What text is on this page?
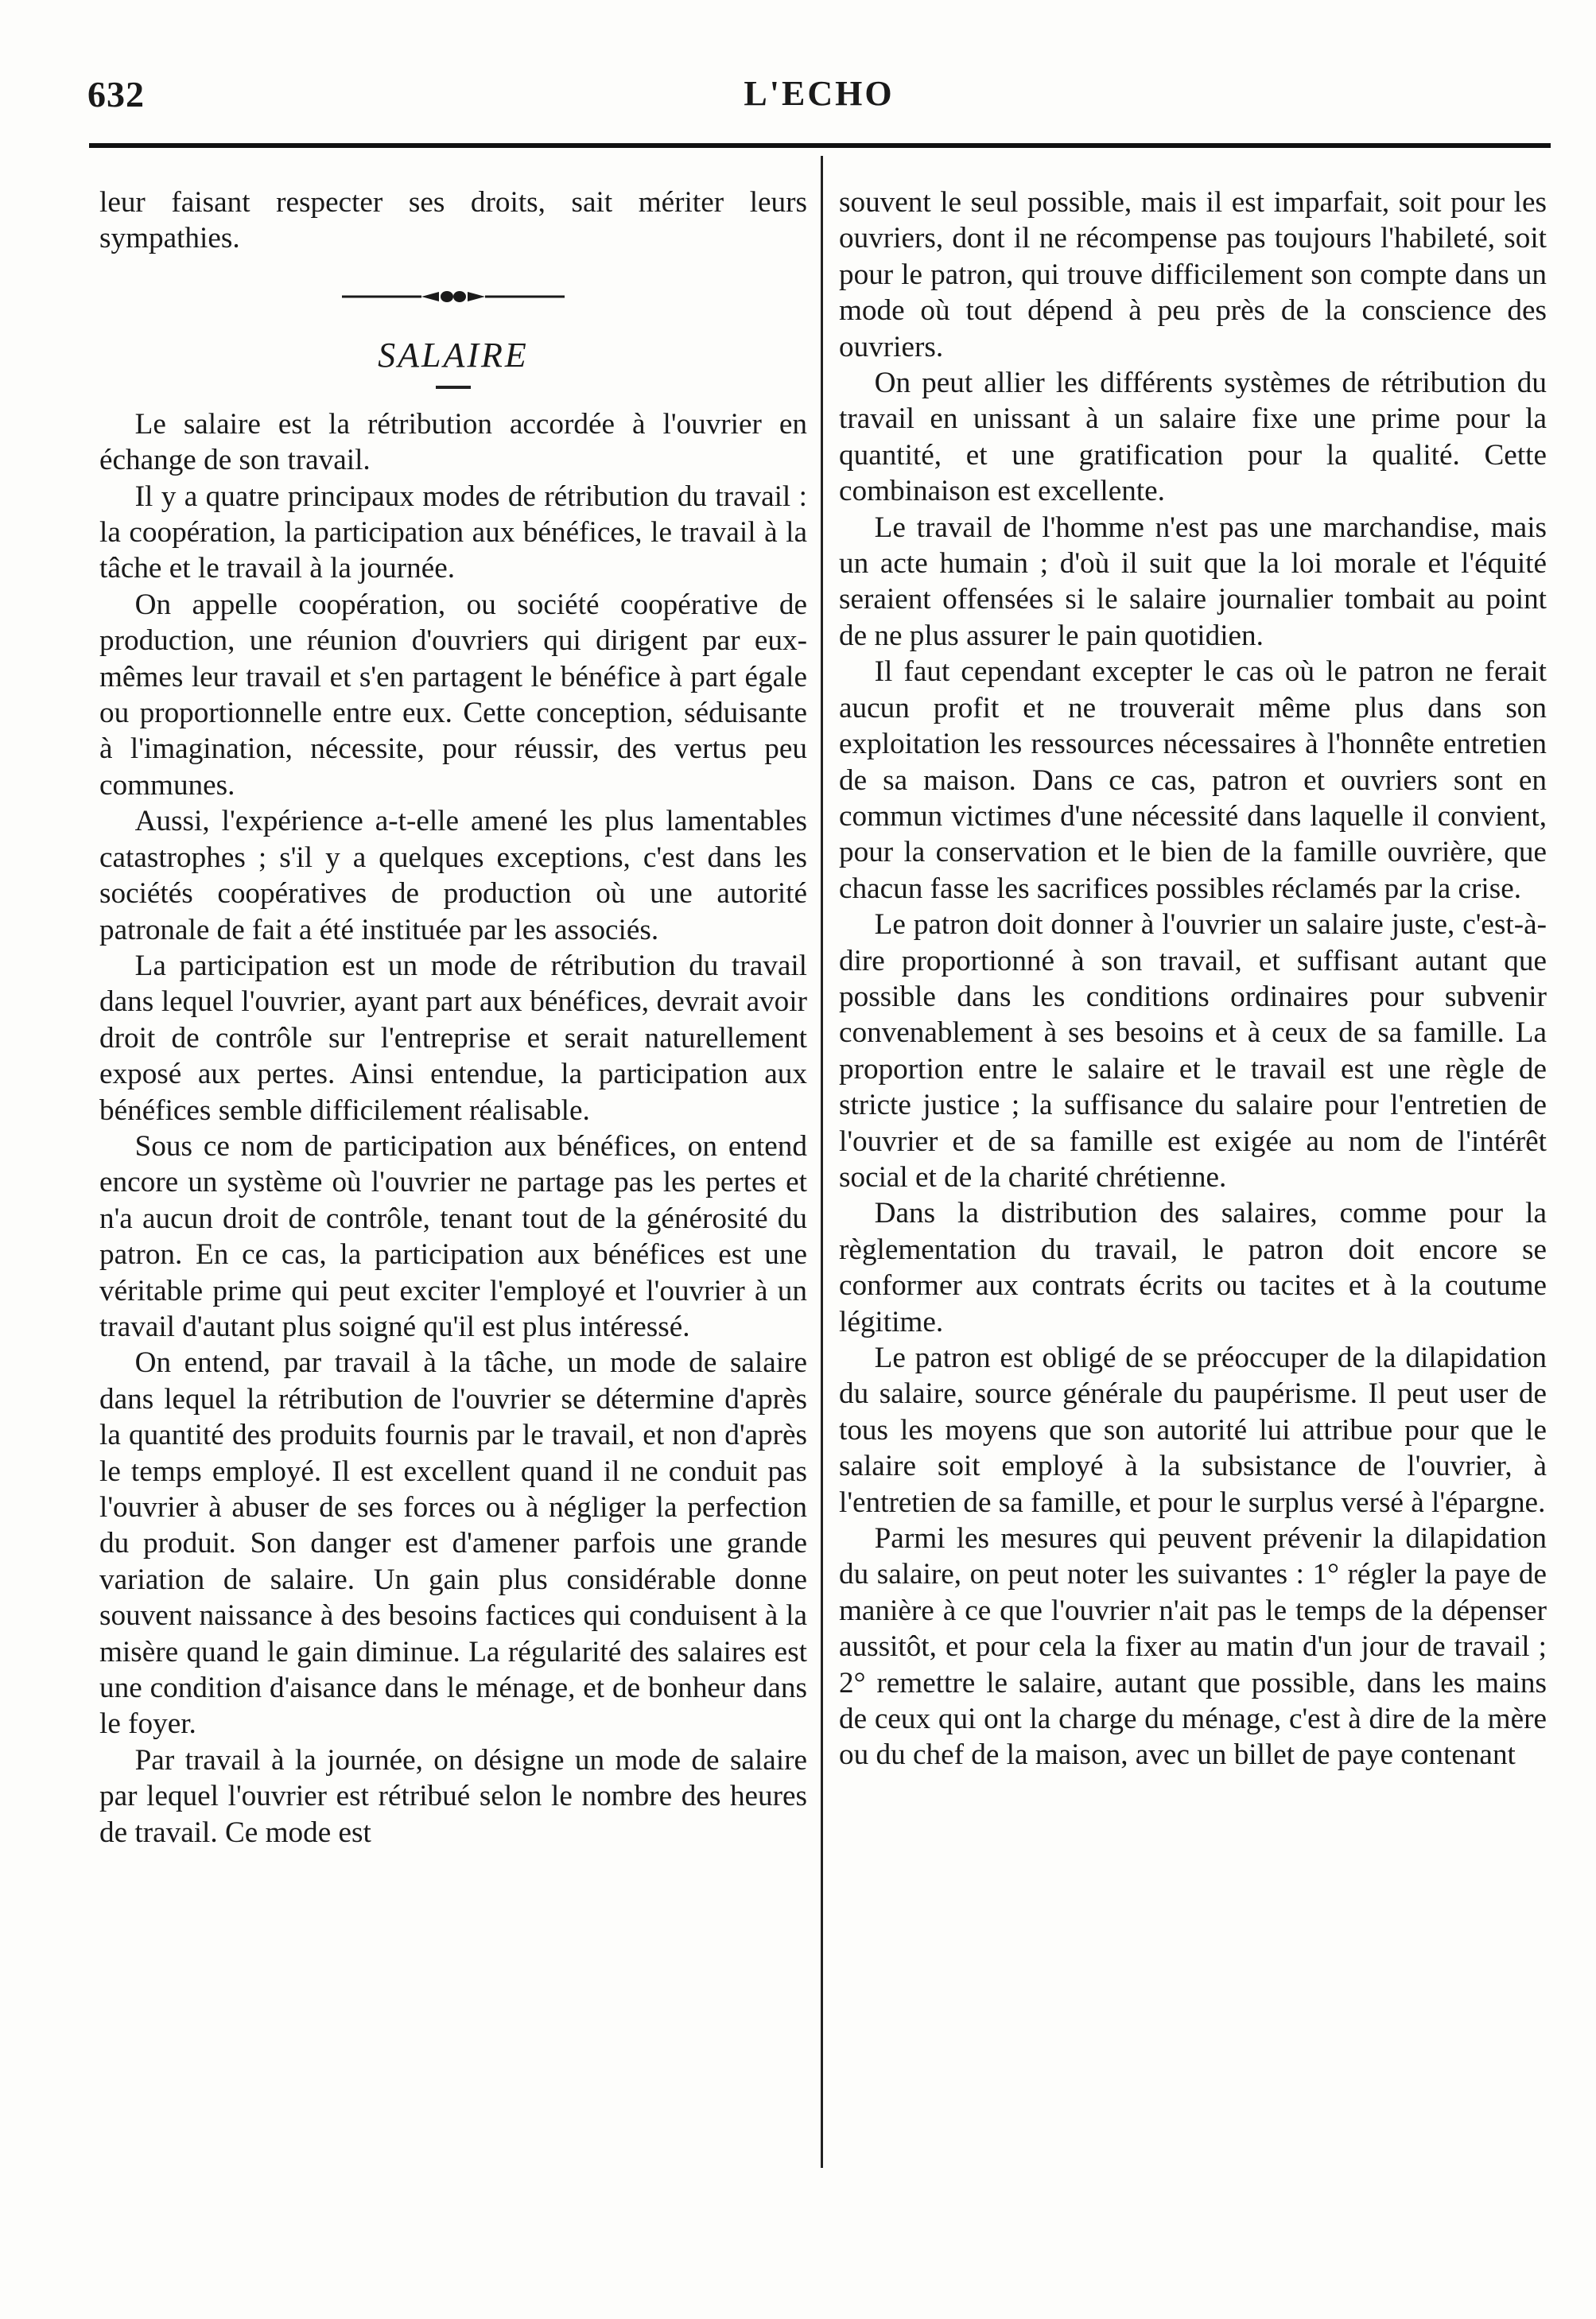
632	L'ECHO

leur faisant respecter ses droits, sait mériter leurs sympathies.

SALAIRE

Le salaire est la rétribution accordée à l'ouvrier en échange de son travail.

Il y a quatre principaux modes de rétribution du travail : la coopération, la participation aux bénéfices, le travail à la tâche et le travail à la journée.

On appelle coopération, ou société coopérative de production, une réunion d'ouvriers qui dirigent par eux-mêmes leur travail et s'en partagent le bénéfice à part égale ou proportionnelle entre eux. Cette conception, séduisante à l'imagination, nécessite, pour réussir, des vertus peu communes.

Aussi, l'expérience a-t-elle amené les plus lamentables catastrophes ; s'il y a quelques exceptions, c'est dans les sociétés coopératives de production où une autorité patronale de fait a été instituée par les associés.

La participation est un mode de rétribution du travail dans lequel l'ouvrier, ayant part aux bénéfices, devrait avoir droit de contrôle sur l'entreprise et serait naturellement exposé aux pertes. Ainsi entendue, la participation aux bénéfices semble difficilement réalisable.

Sous ce nom de participation aux bénéfices, on entend encore un système où l'ouvrier ne partage pas les pertes et n'a aucun droit de contrôle, tenant tout de la générosité du patron. En ce cas, la participation aux bénéfices est une véritable prime qui peut exciter l'employé et l'ouvrier à un travail d'autant plus soigné qu'il est plus intéressé.

On entend, par travail à la tâche, un mode de salaire dans lequel la rétribution de l'ouvrier se détermine d'après la quantité des produits fournis par le travail, et non d'après le temps employé. Il est excellent quand il ne conduit pas l'ouvrier à abuser de ses forces ou à négliger la perfection du produit. Son danger est d'amener parfois une grande variation de salaire. Un gain plus considérable donne souvent naissance à des besoins factices qui conduisent à la misère quand le gain diminue. La régularité des salaires est une condition d'aisance dans le ménage, et de bonheur dans le foyer.

Par travail à la journée, on désigne un mode de salaire par lequel l'ouvrier est rétribué selon le nombre des heures de travail. Ce mode est

souvent le seul possible, mais il est imparfait, soit pour les ouvriers, dont il ne récompense pas toujours l'habileté, soit pour le patron, qui trouve difficilement son compte dans un mode où tout dépend à peu près de la conscience des ouvriers.

On peut allier les différents systèmes de rétribution du travail en unissant à un salaire fixe une prime pour la quantité, et une gratification pour la qualité. Cette combinaison est excellente.

Le travail de l'homme n'est pas une marchandise, mais un acte humain ; d'où il suit que la loi morale et l'équité seraient offensées si le salaire journalier tombait au point de ne plus assurer le pain quotidien.

Il faut cependant excepter le cas où le patron ne ferait aucun profit et ne trouverait même plus dans son exploitation les ressources nécessaires à l'honnête entretien de sa maison. Dans ce cas, patron et ouvriers sont en commun victimes d'une nécessité dans laquelle il convient, pour la conservation et le bien de la famille ouvrière, que chacun fasse les sacrifices possibles réclamés par la crise.

Le patron doit donner à l'ouvrier un salaire juste, c'est-à-dire proportionné à son travail, et suffisant autant que possible dans les conditions ordinaires pour subvenir convenablement à ses besoins et à ceux de sa famille. La proportion entre le salaire et le travail est une règle de stricte justice ; la suffisance du salaire pour l'entretien de l'ouvrier et de sa famille est exigée au nom de l'intérêt social et de la charité chrétienne.

Dans la distribution des salaires, comme pour la règlementation du travail, le patron doit encore se conformer aux contrats écrits ou tacites et à la coutume légitime.

Le patron est obligé de se préoccuper de la dilapidation du salaire, source générale du paupérisme. Il peut user de tous les moyens que son autorité lui attribue pour que le salaire soit employé à la subsistance de l'ouvrier, à l'entretien de sa famille, et pour le surplus versé à l'épargne.

Parmi les mesures qui peuvent prévenir la dilapidation du salaire, on peut noter les suivantes : 1° régler la paye de manière à ce que l'ouvrier n'ait pas le temps de la dépenser aussitôt, et pour cela la fixer au matin d'un jour de travail ; 2° remettre le salaire, autant que possible, dans les mains de ceux qui ont la charge du ménage, c'est à dire de la mère ou du chef de la maison, avec un billet de paye contenant
